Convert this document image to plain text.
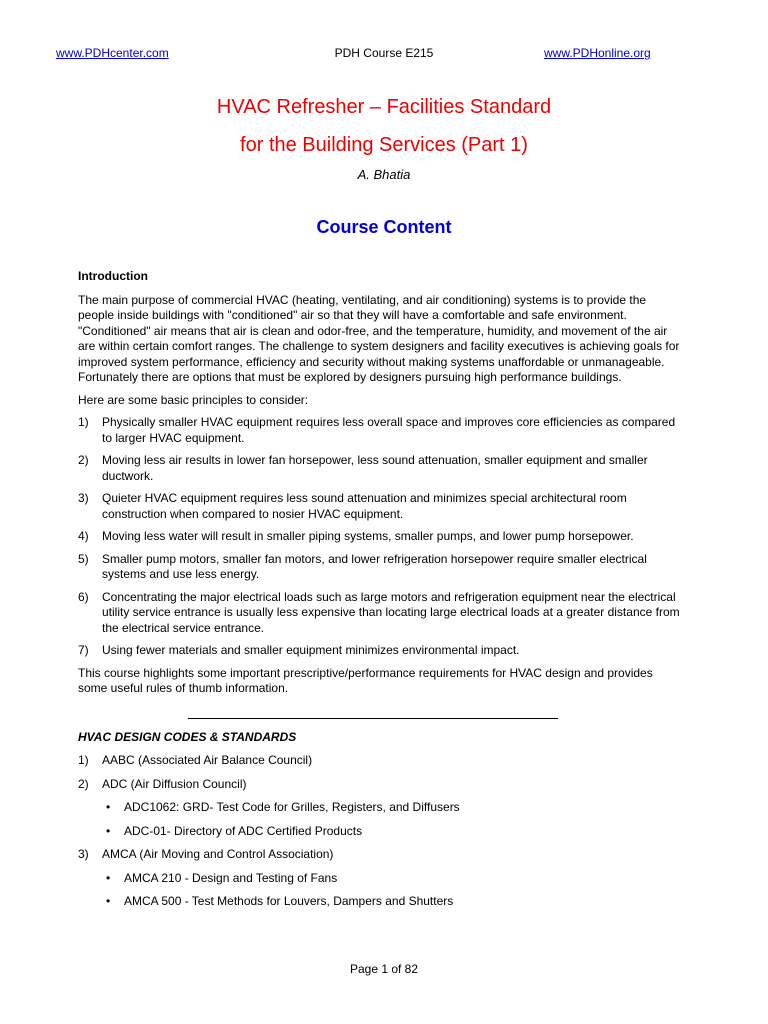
www.PDHcenter.com	PDH Course E215	www.PDHonline.org
HVAC Refresher – Facilities Standard
for the Building Services (Part 1)
A. Bhatia
Course Content

Introduction

The main purpose of commercial HVAC (heating, ventilating, and air conditioning) systems is to provide the people inside buildings with "conditioned" air so that they will have a comfortable and safe environment. "Conditioned" air means that air is clean and odor-free, and the temperature, humidity, and movement of the air are within certain comfort ranges. The challenge to system designers and facility executives is achieving goals for improved system performance, efficiency and security without making systems unaffordable or unmanageable. Fortunately there are options that must be explored by designers pursuing high performance buildings.

Here are some basic principles to consider:

1) Physically smaller HVAC equipment requires less overall space and improves core efficiencies as compared to larger HVAC equipment.
2) Moving less air results in lower fan horsepower, less sound attenuation, smaller equipment and smaller ductwork.
3) Quieter HVAC equipment requires less sound attenuation and minimizes special architectural room construction when compared to nosier HVAC equipment.
4) Moving less water will result in smaller piping systems, smaller pumps, and lower pump horsepower.
5) Smaller pump motors, smaller fan motors, and lower refrigeration horsepower require smaller electrical systems and use less energy.
6) Concentrating the major electrical loads such as large motors and refrigeration equipment near the electrical utility service entrance is usually less expensive than locating large electrical loads at a greater distance from the electrical service entrance.
7) Using fewer materials and smaller equipment minimizes environmental impact.

This course highlights some important prescriptive/performance requirements for HVAC design and provides some useful rules of thumb information.

HVAC DESIGN CODES & STANDARDS

1) AABC (Associated Air Balance Council)
2) ADC (Air Diffusion Council)
• ADC1062: GRD- Test Code for Grilles, Registers, and Diffusers
• ADC-01- Directory of ADC Certified Products
3) AMCA (Air Moving and Control Association)
• AMCA 210 - Design and Testing of Fans
• AMCA 500 - Test Methods for Louvers, Dampers and Shutters
Page 1 of 82
